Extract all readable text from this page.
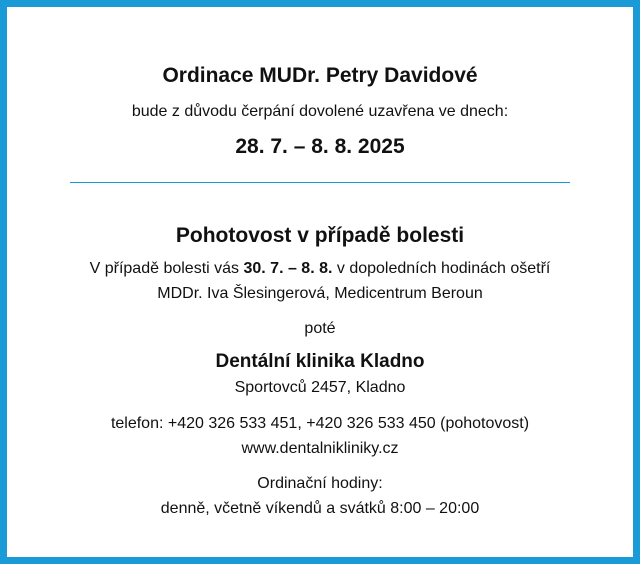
Ordinace MUDr. Petry Davidové
bude z důvodu čerpání dovolené uzavřena ve dnech:
28. 7. – 8. 8. 2025
Pohotovost v případě bolesti
V případě bolesti vás 30. 7. – 8. 8. v dopoledních hodinách ošetří
MDDr. Iva Šlesingerová, Medicentrum Beroun
poté
Dentální klinika Kladno
Sportovců 2457, Kladno
telefon: +420 326 533 451, +420 326 533 450 (pohotovost)
www.dentalnikliniky.cz
Ordinační hodiny:
denně, včetně víkendů a svátků 8:00 – 20:00
